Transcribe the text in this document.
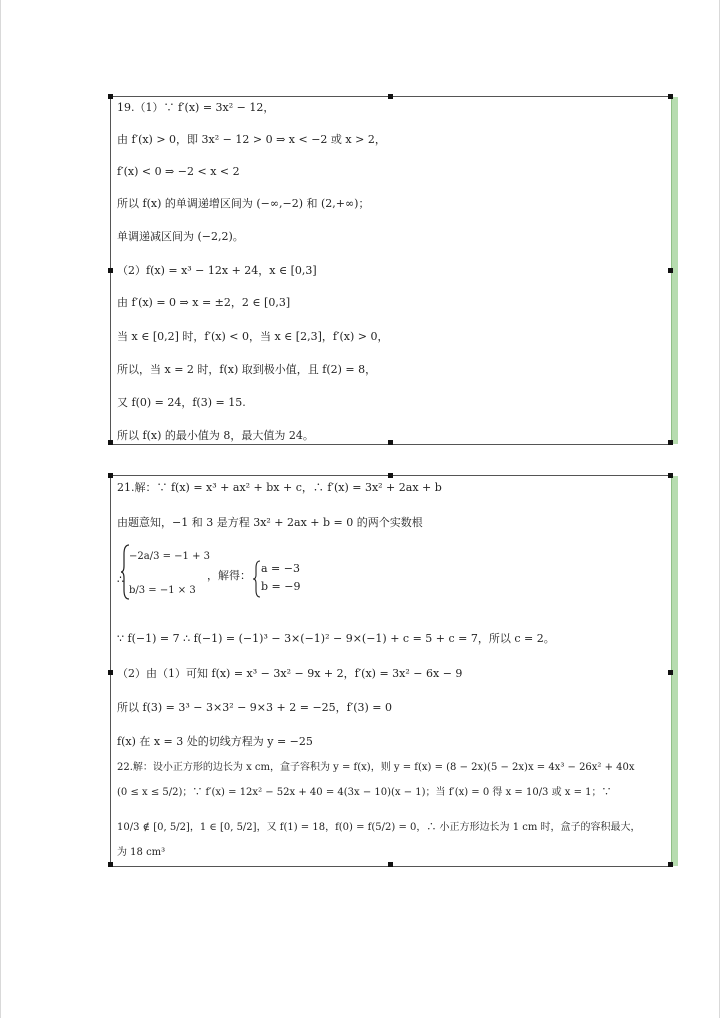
19.（1）∵ f′(x) = 3x² − 12，
由 f′(x) > 0，即 3x² − 12 > 0 ⇒ x < −2 或 x > 2，
f′(x) < 0 ⇒ −2 < x < 2
所以 f(x) 的单调递增区间为 (−∞,−2) 和 (2,+∞)；
单调递减区间为 (−2,2)。
（2）f(x) = x³ − 12x + 24，x ∈ [0,3]
由 f′(x) = 0 ⇒ x = ±2，2 ∈ [0,3]
当 x ∈ [0,2] 时，f′(x) < 0，当 x ∈ [2,3]，f′(x) > 0，
所以，当 x = 2 时，f(x) 取到极小值，且 f(2) = 8，
又 f(0) = 24，f(3) = 15.
所以 f(x) 的最小值为 8，最大值为 24。
21.解：∵ f(x) = x³ + ax² + bx + c，∴ f′(x) = 3x² + 2ax + b
由题意知，−1 和 3 是方程 3x² + 2ax + b = 0 的两个实数根
−2a/3 = −1 + 3
∴
b/3 = −1 × 3
，解得：
a = −3
b = −9
∵ f(−1) = 7 ∴ f(−1) = (−1)³ − 3×(−1)² − 9×(−1) + c = 5 + c = 7，所以 c = 2。
（2）由（1）可知 f(x) = x³ − 3x² − 9x + 2，f′(x) = 3x² − 6x − 9
所以 f(3) = 3³ − 3×3² − 9×3 + 2 = −25，f′(3) = 0
f(x) 在 x = 3 处的切线方程为 y = −25
22.解：设小正方形的边长为 x cm，盒子容积为 y = f(x)，则 y = f(x) = (8 − 2x)(5 − 2x)x = 4x³ − 26x² + 40x
(0 ≤ x ≤ 5/2)；∵ f′(x) = 12x² − 52x + 40 = 4(3x − 10)(x − 1)；当 f′(x) = 0 得 x = 10/3 或 x = 1；∵
10/3 ∉ [0, 5/2]，1 ∈ [0, 5/2]，又 f(1) = 18，f(0) = f(5/2) = 0，∴ 小正方形边长为 1 cm 时，盒子的容积最大，
为 18 cm³
